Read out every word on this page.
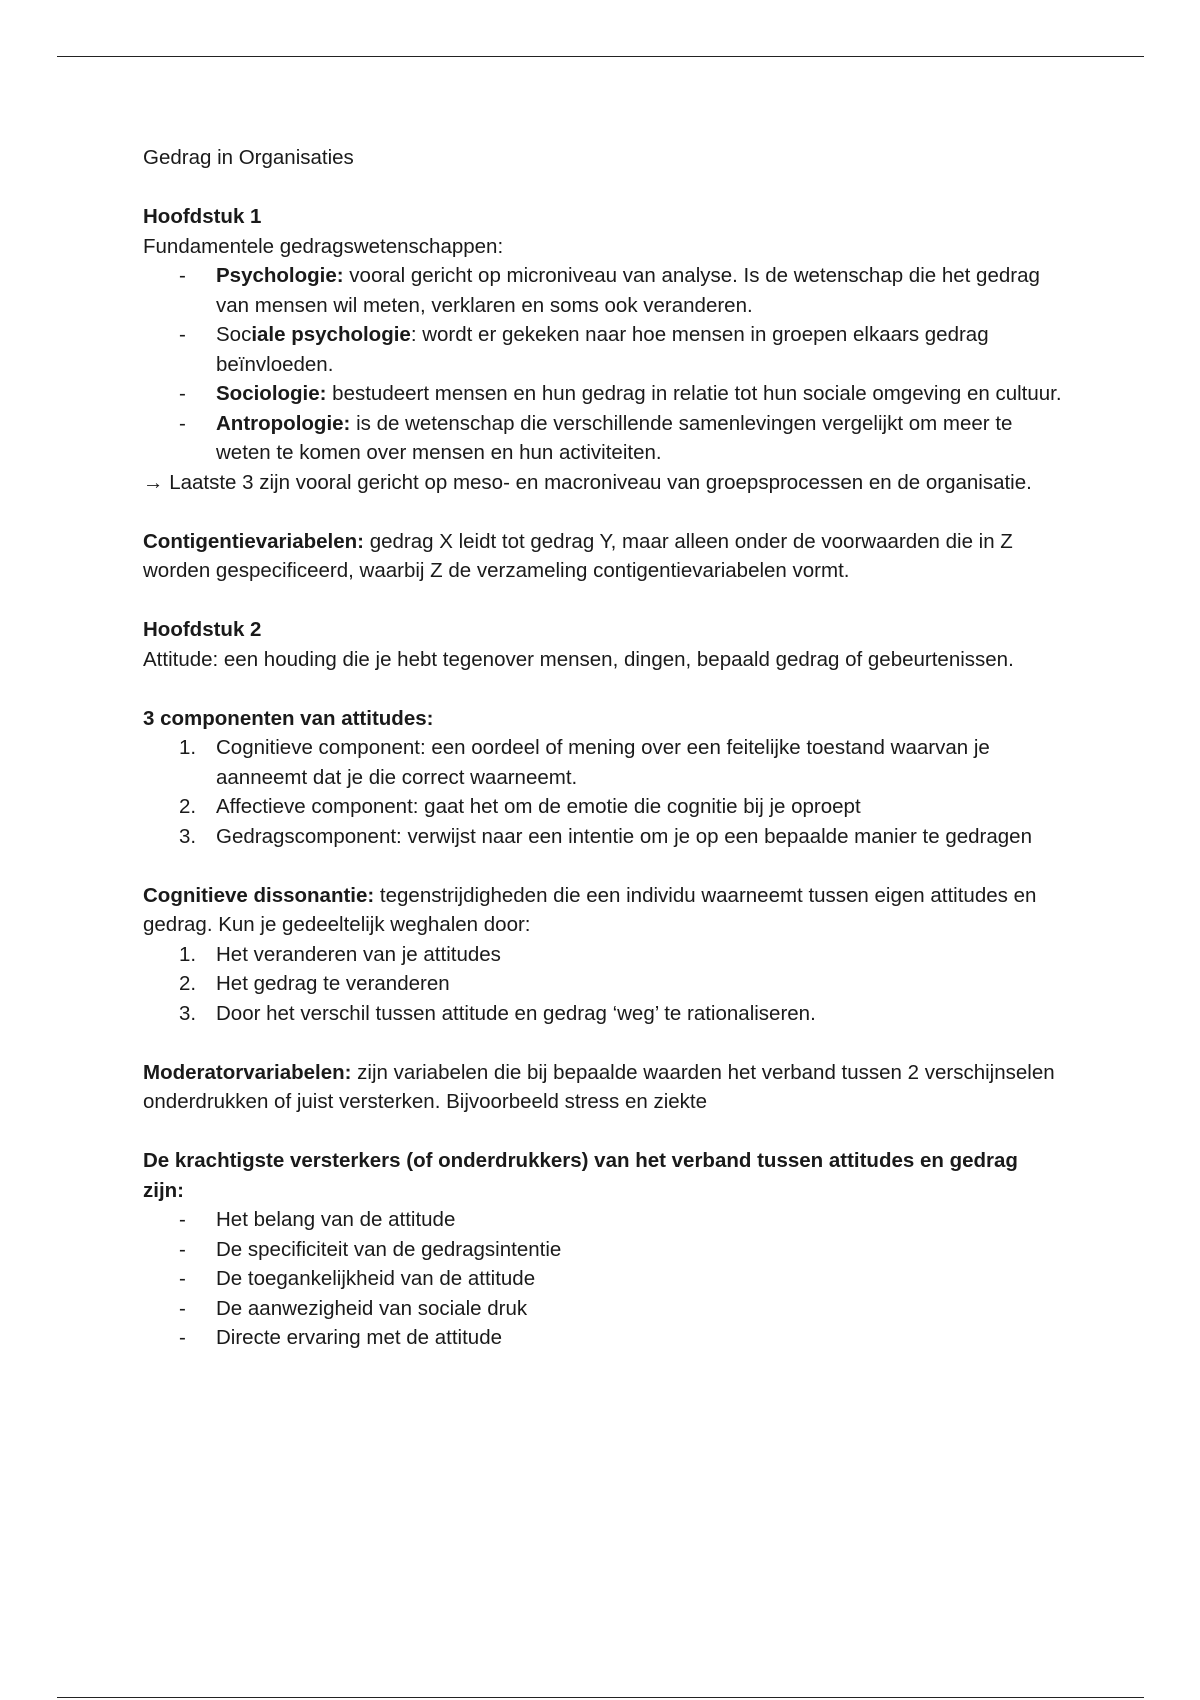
Gedrag in Organisaties

Hoofdstuk 1

Fundamentele gedragswetenschappen:

- Psychologie: vooral gericht op microniveau van analyse. Is de wetenschap die het gedrag van mensen wil meten, verklaren en soms ook veranderen.
- Sociale psychologie: wordt er gekeken naar hoe mensen in groepen elkaars gedrag beïnvloeden.
- Sociologie: bestudeert mensen en hun gedrag in relatie tot hun sociale omgeving en cultuur.
- Antropologie: is de wetenschap die verschillende samenlevingen vergelijkt om meer te weten te komen over mensen en hun activiteiten.

→ Laatste 3 zijn vooral gericht op meso- en macroniveau van groepsprocessen en de organisatie.

Contigentievariabelen: gedrag X leidt tot gedrag Y, maar alleen onder de voorwaarden die in Z worden gespecificeerd, waarbij Z de verzameling contigentievariabelen vormt.

Hoofdstuk 2

Attitude: een houding die je hebt tegenover mensen, dingen, bepaald gedrag of gebeurtenissen.

3 componenten van attitudes:

1. Cognitieve component: een oordeel of mening over een feitelijke toestand waarvan je aanneemt dat je die correct waarneemt.
2. Affectieve component: gaat het om de emotie die cognitie bij je oproept
3. Gedragscomponent: verwijst naar een intentie om je op een bepaalde manier te gedragen

Cognitieve dissonantie: tegenstrijdigheden die een individu waarneemt tussen eigen attitudes en gedrag. Kun je gedeeltelijk weghalen door:

1. Het veranderen van je attitudes
2. Het gedrag te veranderen
3. Door het verschil tussen attitude en gedrag ‘weg’ te rationaliseren.

Moderatorvariabelen: zijn variabelen die bij bepaalde waarden het verband tussen 2 verschijnselen onderdrukken of juist versterken. Bijvoorbeeld stress en ziekte

De krachtigste versterkers (of onderdrukkers) van het verband tussen attitudes en gedrag zijn:

- Het belang van de attitude
- De specificiteit van de gedragsintentie
- De toegankelijkheid van de attitude
- De aanwezigheid van sociale druk
- Directe ervaring met de attitude
